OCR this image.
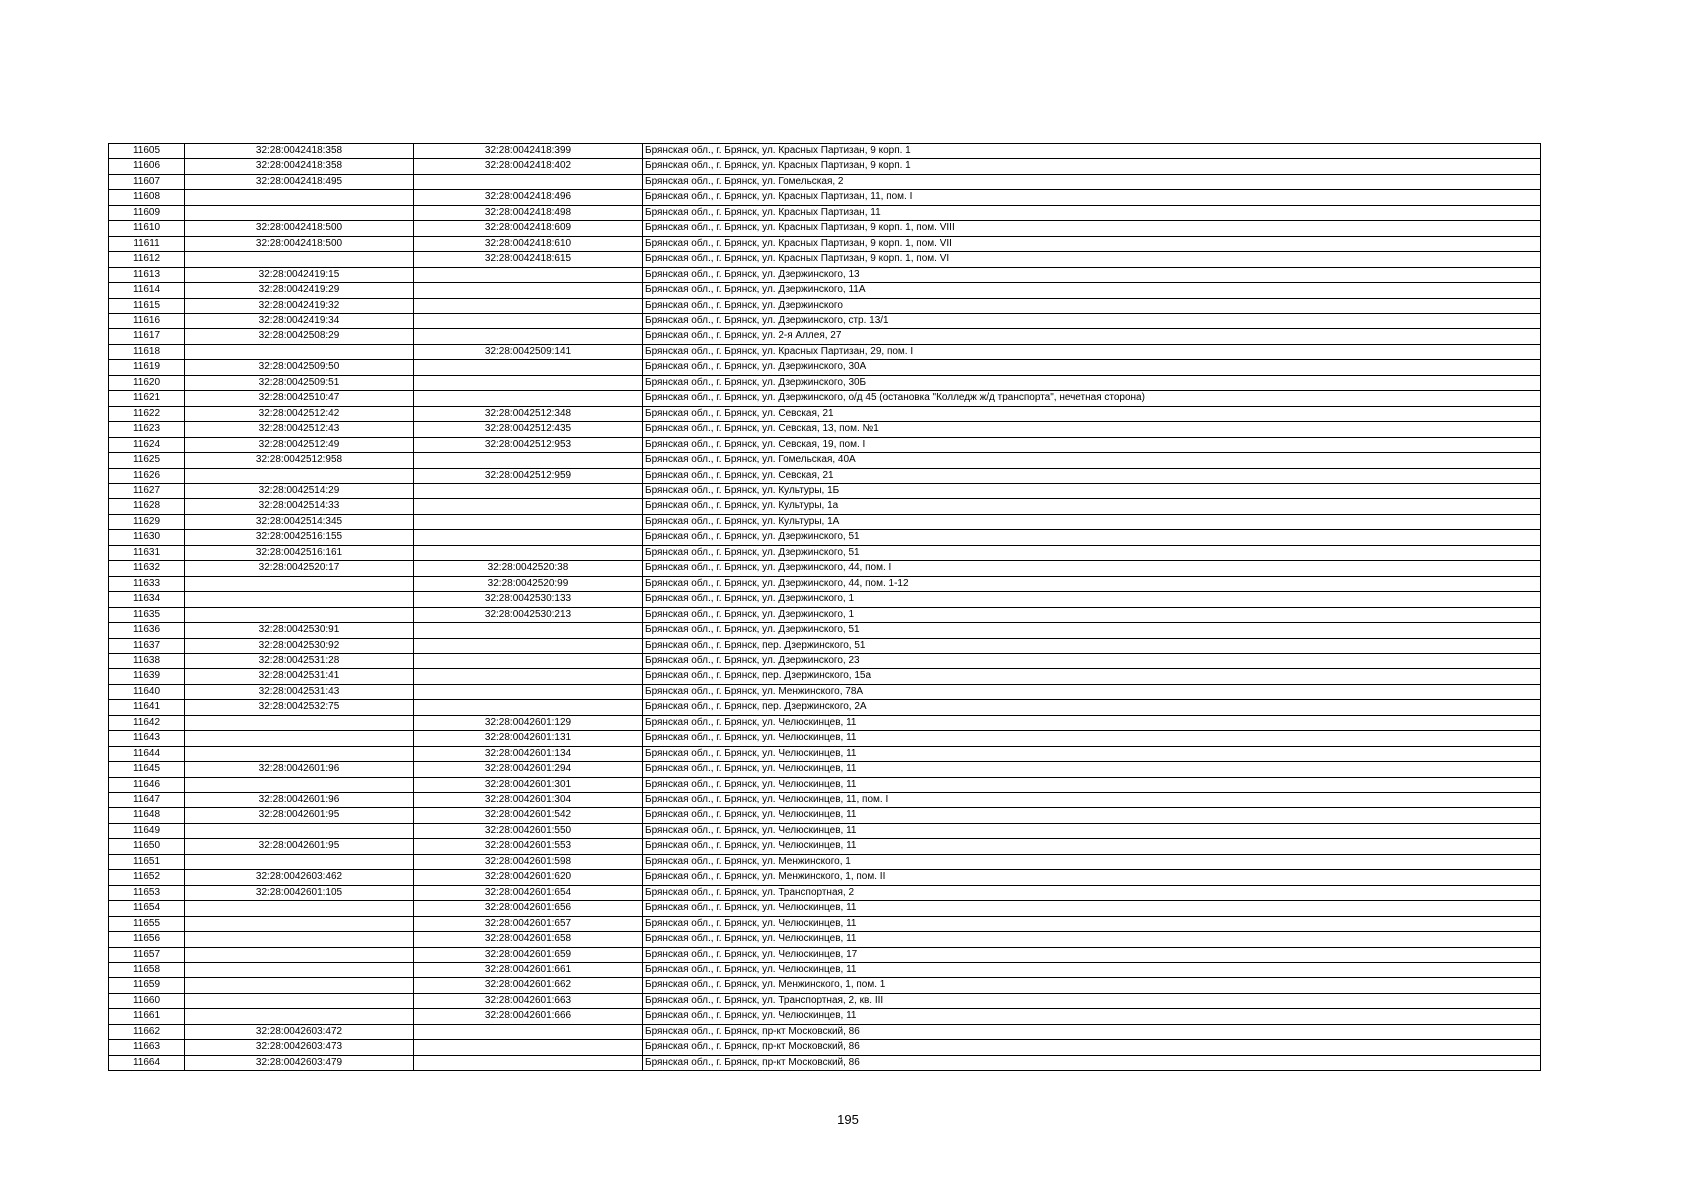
11605	32:28:0042418:358	32:28:0042418:399	Брянская обл., г. Брянск, ул. Красных Партизан, 9 корп. 1
11606	32:28:0042418:358	32:28:0042418:402	Брянская обл., г. Брянск, ул. Красных Партизан, 9 корп. 1
11607	32:28:0042418:495		Брянская обл., г. Брянск, ул. Гомельская, 2
11608		32:28:0042418:496	Брянская обл., г. Брянск, ул. Красных Партизан, 11, пом. I
11609		32:28:0042418:498	Брянская обл., г. Брянск, ул. Красных Партизан, 11
11610	32:28:0042418:500	32:28:0042418:609	Брянская обл., г. Брянск, ул. Красных Партизан, 9 корп. 1, пом. VIII
11611	32:28:0042418:500	32:28:0042418:610	Брянская обл., г. Брянск, ул. Красных Партизан, 9 корп. 1, пом. VII
11612		32:28:0042418:615	Брянская обл., г. Брянск, ул. Красных Партизан, 9 корп. 1, пом. VI
11613	32:28:0042419:15		Брянская обл., г. Брянск, ул. Дзержинского, 13
11614	32:28:0042419:29		Брянская обл., г. Брянск, ул. Дзержинского, 11А
11615	32:28:0042419:32		Брянская обл., г. Брянск, ул. Дзержинского
11616	32:28:0042419:34		Брянская обл., г. Брянск, ул. Дзержинского, стр. 13/1
11617	32:28:0042508:29		Брянская обл., г. Брянск, ул. 2-я Аллея, 27
11618		32:28:0042509:141	Брянская обл., г. Брянск, ул. Красных Партизан, 29, пом. I
11619	32:28:0042509:50		Брянская обл., г. Брянск, ул. Дзержинского, 30А
11620	32:28:0042509:51		Брянская обл., г. Брянск, ул. Дзержинского, 30Б
11621	32:28:0042510:47		Брянская обл., г. Брянск, ул. Дзержинского, о/д 45 (остановка "Колледж ж/д транспорта", нечетная сторона)
11622	32:28:0042512:42	32:28:0042512:348	Брянская обл., г. Брянск, ул. Севская, 21
11623	32:28:0042512:43	32:28:0042512:435	Брянская обл., г. Брянск, ул. Севская, 13, пом. №1
11624	32:28:0042512:49	32:28:0042512:953	Брянская обл., г. Брянск, ул. Севская, 19, пом. I
11625	32:28:0042512:958		Брянская обл., г. Брянск, ул. Гомельская, 40А
11626		32:28:0042512:959	Брянская обл., г. Брянск, ул. Севская, 21
11627	32:28:0042514:29		Брянская обл., г. Брянск, ул. Культуры, 1Б
11628	32:28:0042514:33		Брянская обл., г. Брянск, ул. Культуры, 1а
11629	32:28:0042514:345		Брянская обл., г. Брянск, ул. Культуры, 1А
11630	32:28:0042516:155		Брянская обл., г. Брянск, ул. Дзержинского, 51
11631	32:28:0042516:161		Брянская обл., г. Брянск, ул. Дзержинского, 51
11632	32:28:0042520:17	32:28:0042520:38	Брянская обл., г. Брянск, ул. Дзержинского, 44, пом. I
11633		32:28:0042520:99	Брянская обл., г. Брянск, ул. Дзержинского, 44, пом. 1-12
11634		32:28:0042530:133	Брянская обл., г. Брянск, ул. Дзержинского, 1
11635		32:28:0042530:213	Брянская обл., г. Брянск, ул. Дзержинского, 1
11636	32:28:0042530:91		Брянская обл., г. Брянск, ул. Дзержинского, 51
11637	32:28:0042530:92		Брянская обл., г. Брянск, пер. Дзержинского, 51
11638	32:28:0042531:28		Брянская обл., г. Брянск, ул. Дзержинского, 23
11639	32:28:0042531:41		Брянская обл., г. Брянск, пер. Дзержинского, 15а
11640	32:28:0042531:43		Брянская обл., г. Брянск, ул. Менжинского, 78А
11641	32:28:0042532:75		Брянская обл., г. Брянск, пер. Дзержинского, 2А
11642		32:28:0042601:129	Брянская обл., г. Брянск, ул. Челюскинцев, 11
11643		32:28:0042601:131	Брянская обл., г. Брянск, ул. Челюскинцев, 11
11644		32:28:0042601:134	Брянская обл., г. Брянск, ул. Челюскинцев, 11
11645	32:28:0042601:96	32:28:0042601:294	Брянская обл., г. Брянск, ул. Челюскинцев, 11
11646		32:28:0042601:301	Брянская обл., г. Брянск, ул. Челюскинцев, 11
11647	32:28:0042601:96	32:28:0042601:304	Брянская обл., г. Брянск, ул. Челюскинцев, 11, пом. I
11648	32:28:0042601:95	32:28:0042601:542	Брянская обл., г. Брянск, ул. Челюскинцев, 11
11649		32:28:0042601:550	Брянская обл., г. Брянск, ул. Челюскинцев, 11
11650	32:28:0042601:95	32:28:0042601:553	Брянская обл., г. Брянск, ул. Челюскинцев, 11
11651		32:28:0042601:598	Брянская обл., г. Брянск, ул. Менжинского, 1
11652	32:28:0042603:462	32:28:0042601:620	Брянская обл., г. Брянск, ул. Менжинского, 1, пом. II
11653	32:28:0042601:105	32:28:0042601:654	Брянская обл., г. Брянск, ул. Транспортная, 2
11654		32:28:0042601:656	Брянская обл., г. Брянск, ул. Челюскинцев, 11
11655		32:28:0042601:657	Брянская обл., г. Брянск, ул. Челюскинцев, 11
11656		32:28:0042601:658	Брянская обл., г. Брянск, ул. Челюскинцев, 11
11657		32:28:0042601:659	Брянская обл., г. Брянск, ул. Челюскинцев, 17
11658		32:28:0042601:661	Брянская обл., г. Брянск, ул. Челюскинцев, 11
11659		32:28:0042601:662	Брянская обл., г. Брянск, ул. Менжинского, 1, пом. 1
11660		32:28:0042601:663	Брянская обл., г. Брянск, ул. Транспортная, 2, кв. III
11661		32:28:0042601:666	Брянская обл., г. Брянск, ул. Челюскинцев, 11
11662	32:28:0042603:472		Брянская обл., г. Брянск, пр-кт Московский, 86
11663	32:28:0042603:473		Брянская обл., г. Брянск, пр-кт Московский, 86
11664	32:28:0042603:479		Брянская обл., г. Брянск, пр-кт Московский, 86
195
